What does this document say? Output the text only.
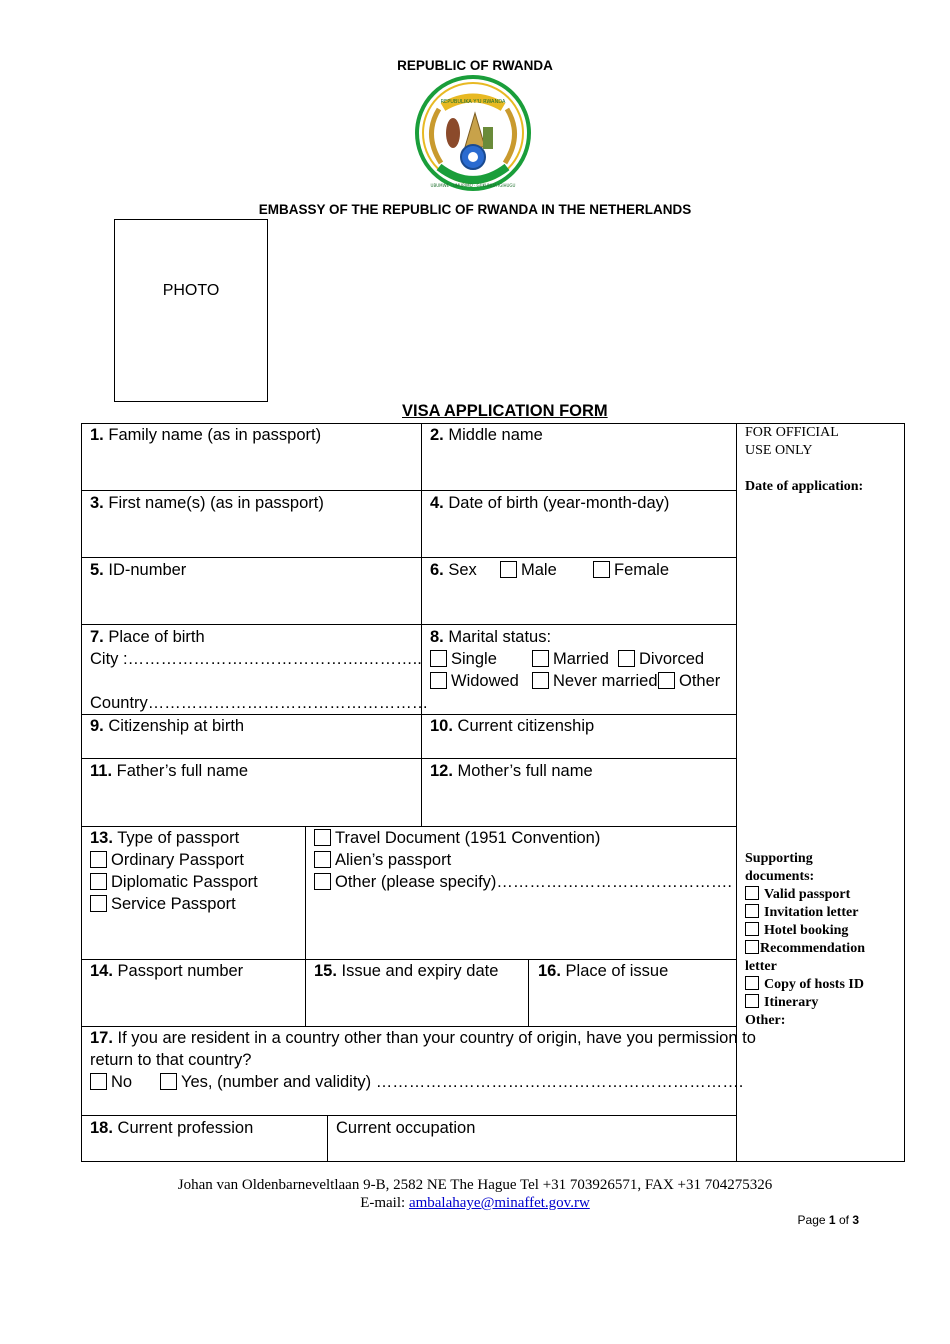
REPUBLIC OF RWANDA
REPUBULIKA Y'U RWANDA
UBUMWE · UMURIMO · GUKUNDA IGIHUGU
EMBASSY OF THE REPUBLIC OF RWANDA IN THE NETHERLANDS
PHOTO
VISA APPLICATION FORM
1. Family name (as in passport)	2. Middle name
3. First name(s) (as in passport)	4. Date of birth (year-month-day)
5. ID-number	6. Sex	Male	Female
7. Place of birth
City :…………………………………….………..
Country……………………………………………
8. Marital status:
Single	Married	Divorced
Widowed	Never married	Other
9. Citizenship at birth	10. Current citizenship
11. Father’s full name	12. Mother’s full name
13. Type of passport
Ordinary Passport
Diplomatic Passport
Service Passport
Travel Document (1951 Convention)
Alien’s passport
Other (please specify)…………………………………….
14. Passport number	15. Issue and expiry date 16. Place of issue
17. If you are resident in a country other than your country of origin, have you permission to
return to that country?
No	Yes, (number and validity) ………………………………………………………….
18. Current profession	Current occupation
FOR OFFICIAL
USE ONLY
Date of application:
Supporting
documents:
Valid passport
Invitation letter
Hotel booking
Recommendation
letter
Copy of hosts ID
Itinerary
Other:
Johan van Oldenbarneveltlaan 9-B, 2582 NE The Hague Tel +31 703926571, FAX +31 704275326
E-mail: ambalahaye@minaffet.gov.rw
Page 1 of 3
